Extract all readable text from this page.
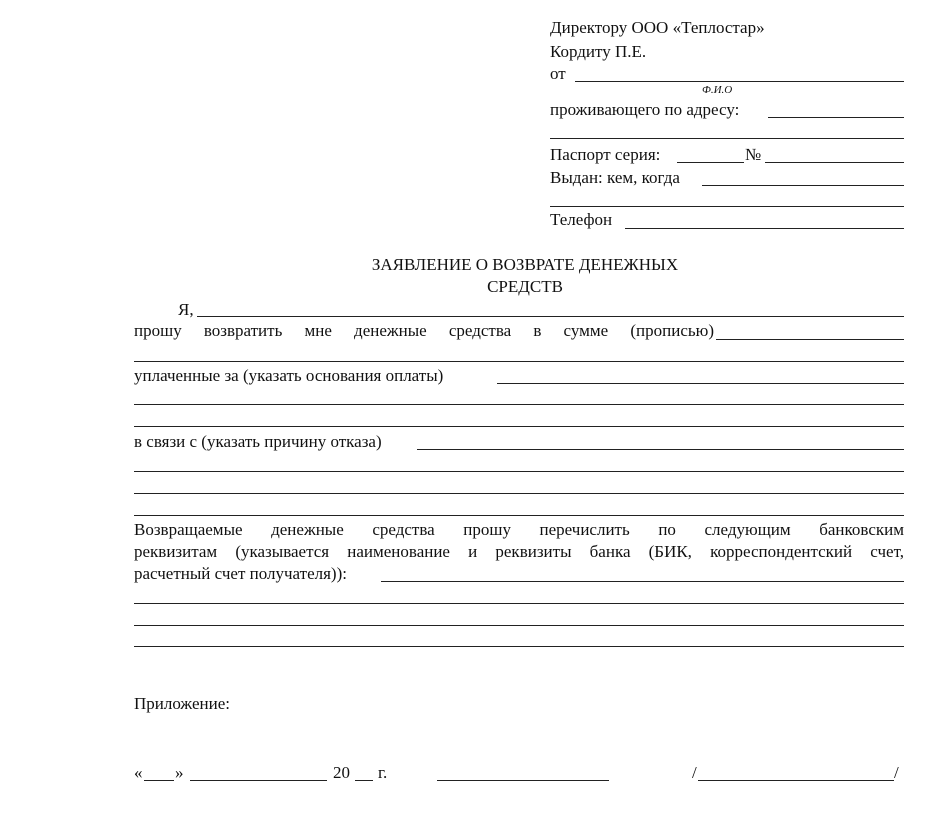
Директору ООО «Теплостар»
Кордиту П.Е.
от
Ф.И.О
проживающего по адресу:
Паспорт серия:	№
Выдан: кем, когда
Телефон
ЗАЯВЛЕНИЕ О ВОЗВРАТЕ ДЕНЕЖНЫХ
СРЕДСТВ
Я,
прошу возвратить мне денежные средства в сумме (прописью)
уплаченные за (указать основания оплаты)
в связи с (указать причину отказа)
Возвращаемые денежные средства прошу перечислить по следующим банковским
реквизитам (указывается наименование и реквизиты банка (БИК, корреспондентский счет,
расчетный счет получателя)):
Приложение:
« »	20 г.	/	/
